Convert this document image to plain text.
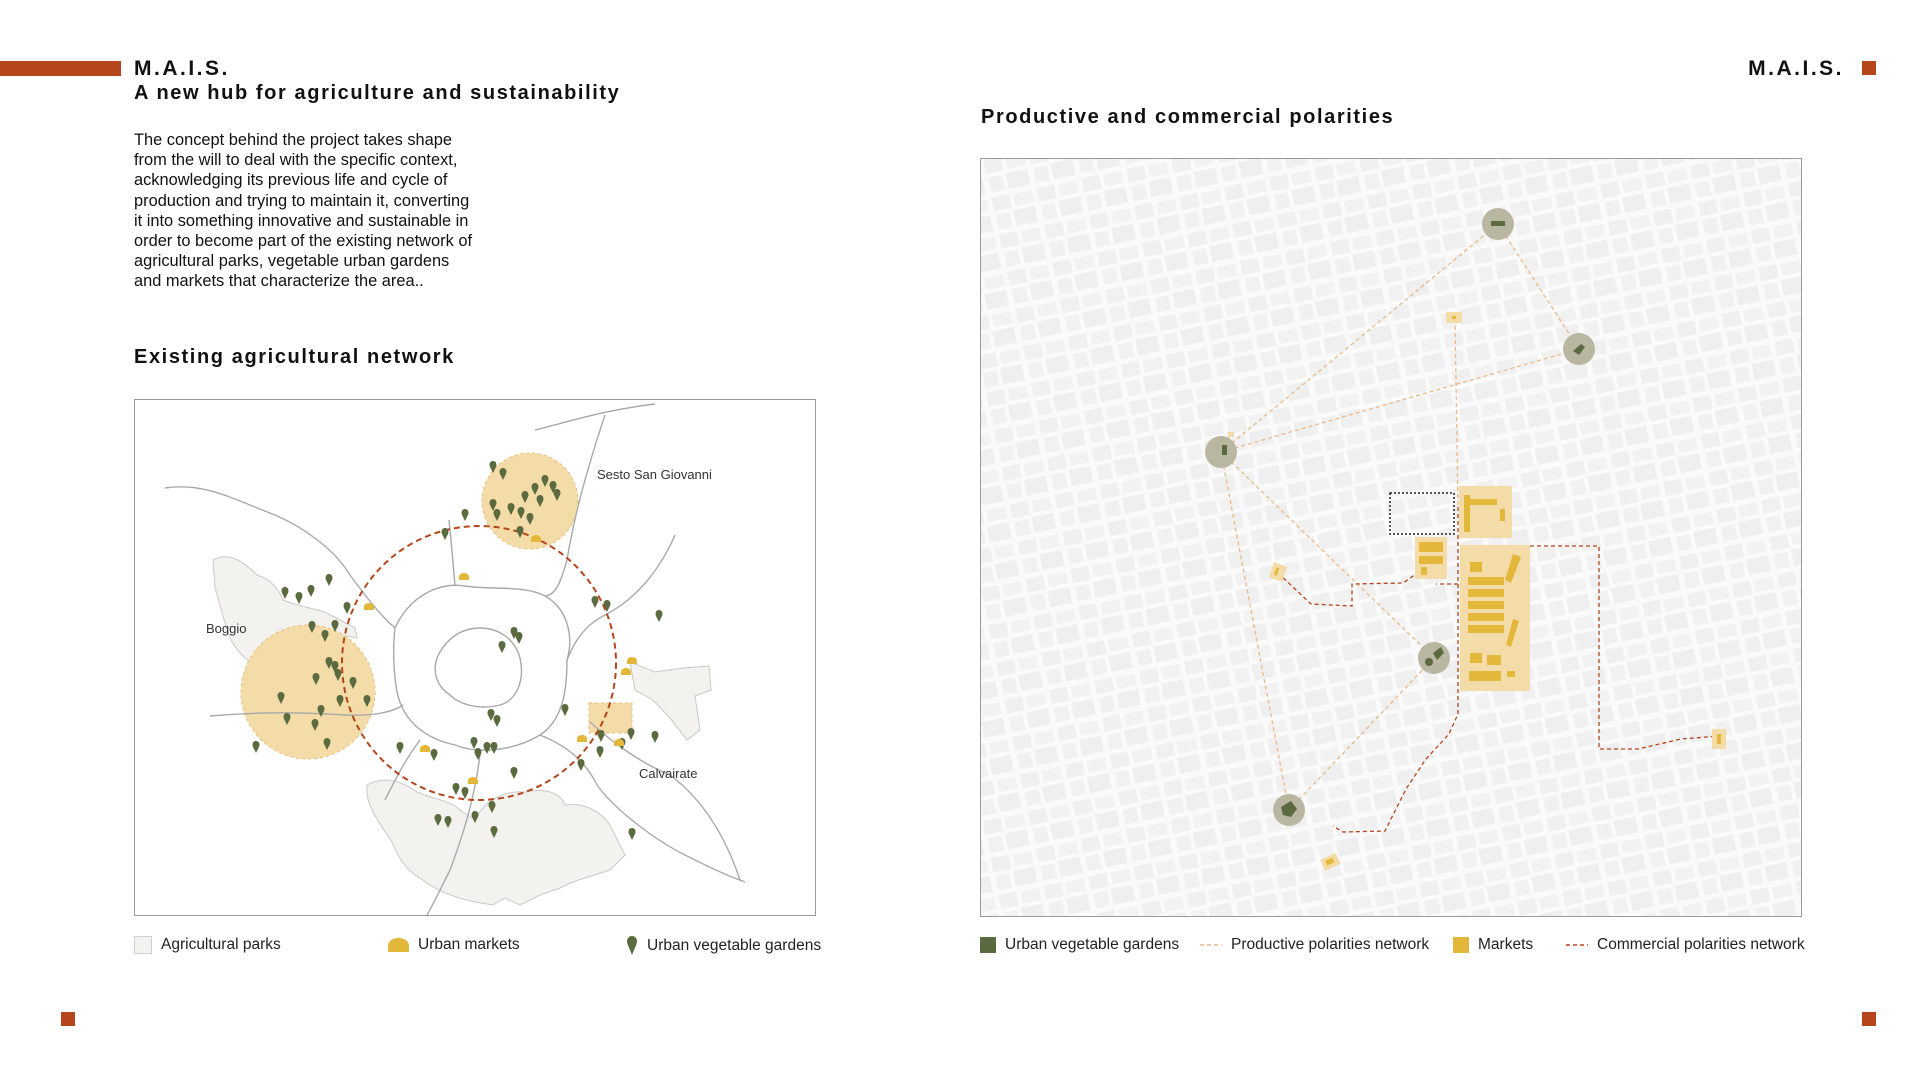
M.A.I.S.	M.A.I.S.
A new hub for agriculture and sustainability

The concept behind the project takes shape from the will to deal with the specific context, acknowledging its previous life and cycle of production and trying to maintain it, converting it into something innovative and sustainable in order to become part of the existing network of agricultural parks, vegetable urban gardens and markets that characterize the area..

Existing agricultural network
Productive and commercial polarities
Sesto San Giovanni
Boggio
Calvairate
Agricultural parks	Urban markets	Urban vegetable gardens	Urban vegetable gardens	Productive polarities network	Markets	Commercial polarities network
